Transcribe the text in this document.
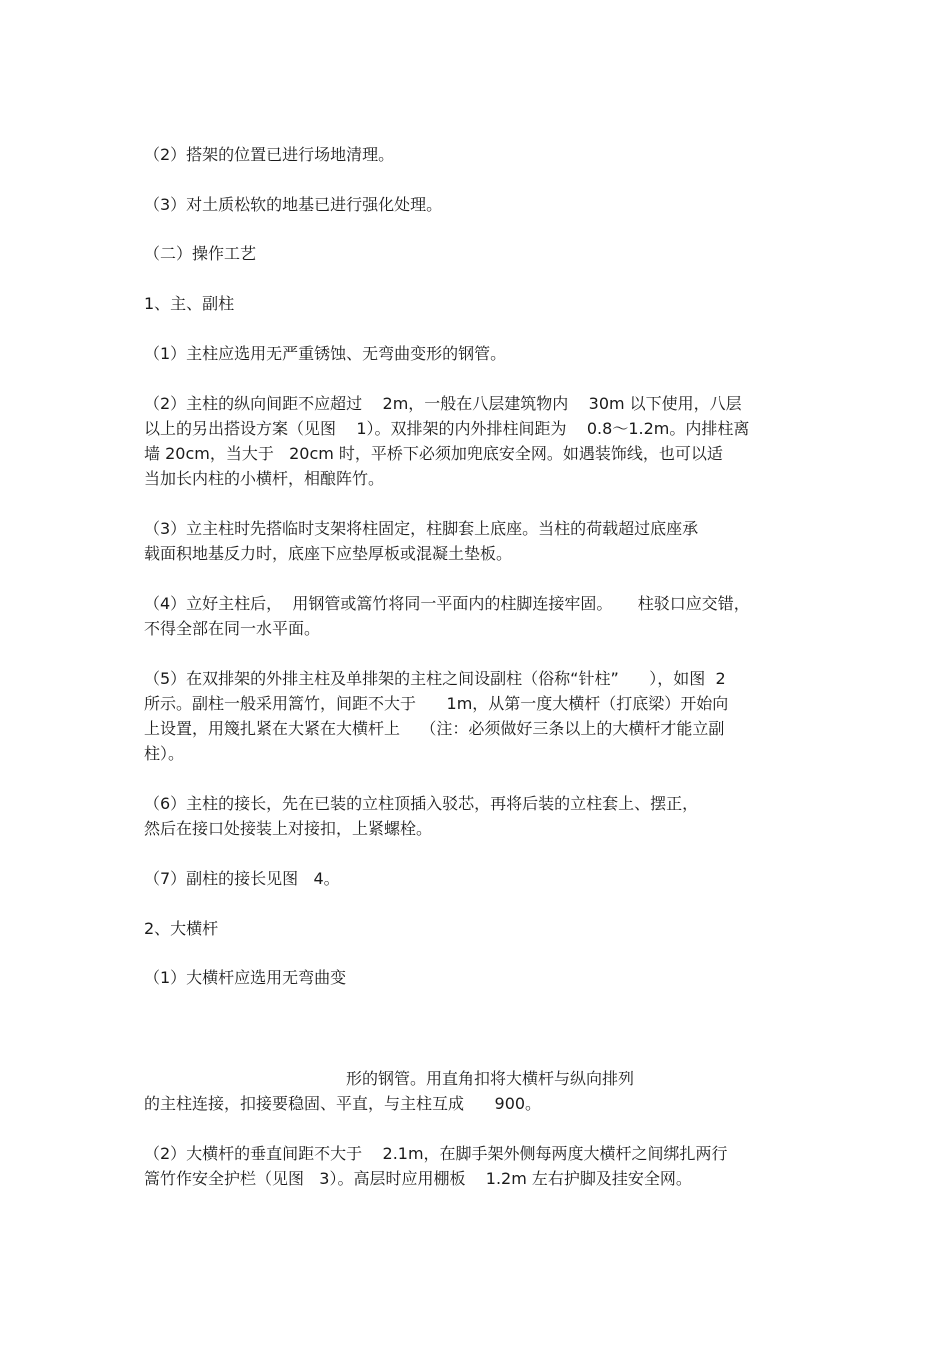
（2）搭架的位置已进行场地清理。
（3）对土质松软的地基已进行强化处理。
（二）操作工艺
1、主、副柱
（1）主柱应选用无严重锈蚀、无弯曲变形的钢管。
（2）主柱的纵向间距不应超过    2m，一般在八层建筑物内    30m 以下使用，八层
以上的另出搭设方案（见图    1）。双排架的内外排柱间距为    0.8～1.2m。内排柱离
墙 20cm，当大于   20cm 时，平桥下必须加兜底安全网。如遇装饰线，也可以适
当加长内柱的小横杆，相酿阵竹。
（3）立主柱时先搭临时支架将柱固定，柱脚套上底座。当柱的荷载超过底座承
载面积地基反力时，底座下应垫厚板或混凝土垫板。
（4）立好主柱后，  用钢管或篙竹将同一平面内的柱脚连接牢固。     柱驳口应交错，
不得全部在同一水平面。
（5）在双排架的外排主柱及单排架的主柱之间设副柱（俗称“针柱”      ），如图  2
所示。副柱一般采用篙竹，间距不大于      1m，从第一度大横杆（打底梁）开始向
上设置，用篾扎紧在大紧在大横杆上    （注：必须做好三条以上的大横杆才能立副
柱）。
（6）主柱的接长，先在已装的立柱顶插入驳芯，再将后装的立柱套上、摆正，
然后在接口处接装上对接扣，上紧螺栓。
（7）副柱的接长见图   4。
2、大横杆
（1）大横杆应选用无弯曲变
形的钢管。用直角扣将大横杆与纵向排列
的主柱连接，扣接要稳固、平直，与主柱互成      900。
（2）大横杆的垂直间距不大于    2.1m，在脚手架外侧每两度大横杆之间绑扎两行
篙竹作安全护栏（见图   3）。高层时应用棚板    1.2m 左右护脚及挂安全网。
